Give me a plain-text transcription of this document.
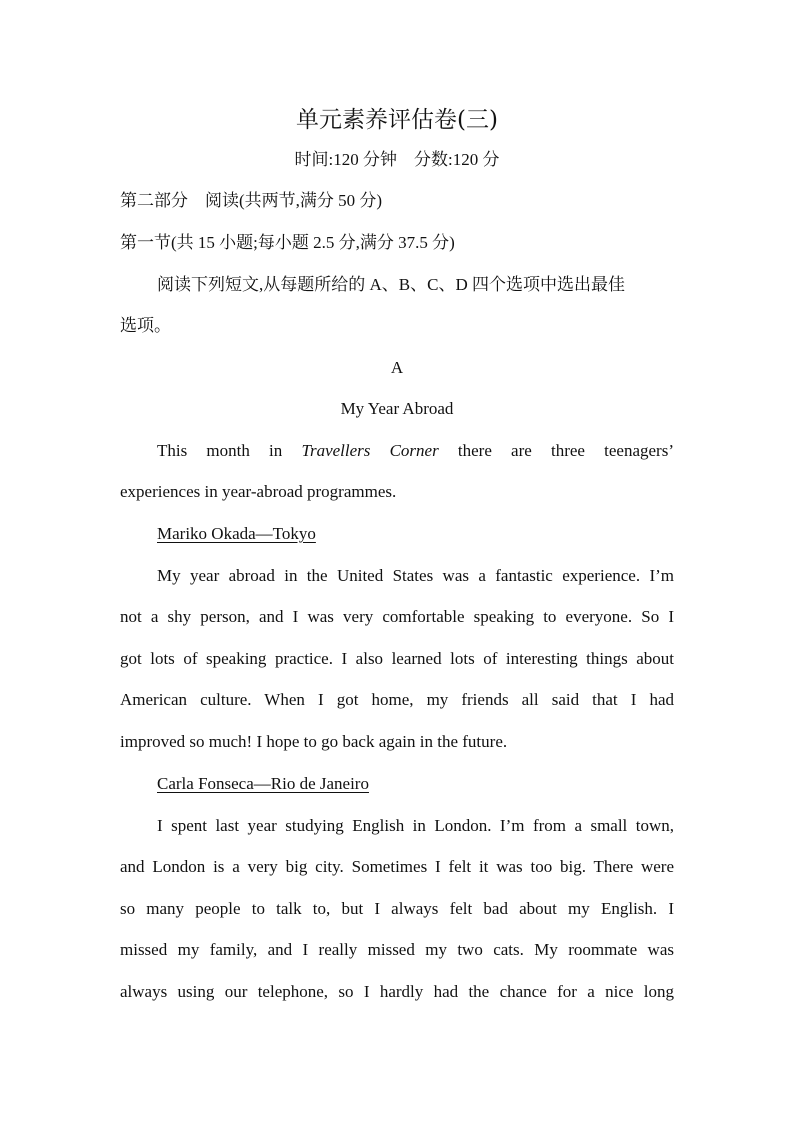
单元素养评估卷(三)
时间:120 分钟　分数:120 分
第二部分　阅读(共两节,满分 50 分)
第一节(共 15 小题;每小题 2.5 分,满分 37.5 分)
阅读下列短文,从每题所给的 A、B、C、D 四个选项中选出最佳
选项。
A
My Year Abroad
This month in Travellers Corner there are three teenagers’
experiences in year-abroad programmes.
Mariko Okada—Tokyo
My year abroad in the United States was a fantastic experience. I’m
not a shy person, and I was very comfortable speaking to everyone. So I
got lots of speaking practice. I also learned lots of interesting things about
American culture. When I got home, my friends all said that I had
improved so much! I hope to go back again in the future.
Carla Fonseca—Rio de Janeiro
I spent last year studying English in London. I’m from a small town,
and London is a very big city. Sometimes I felt it was too big. There were
so many people to talk to, but I always felt bad about my English. I
missed my family, and I really missed my two cats. My roommate was
always using our telephone, so I hardly had the chance for a nice long
